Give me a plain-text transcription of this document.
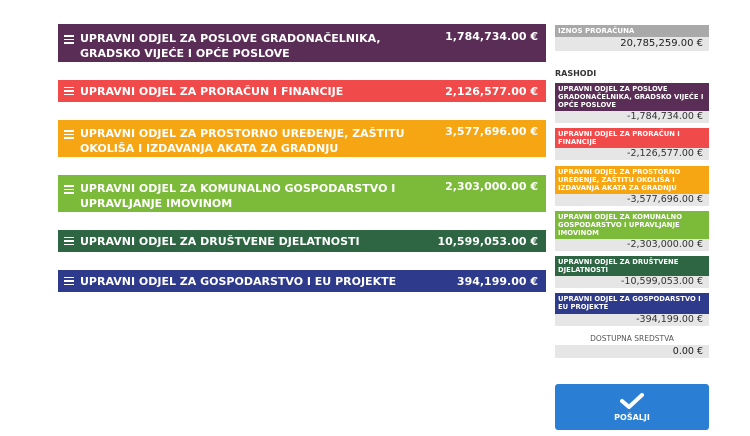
UPRAVNI ODJEL ZA POSLOVE GRADONAČELNIKA, GRADSKO VIJEĆE I OPĆE POSLOVE
1,784,734.00 €
UPRAVNI ODJEL ZA PRORAČUN I FINANCIJE	2,126,577.00 €
UPRAVNI ODJEL ZA PROSTORNO UREĐENJE, ZAŠTITU OKOLIŠA I IZDAVANJA AKATA ZA GRADNJU
3,577,696.00 €
UPRAVNI ODJEL ZA KOMUNALNO GOSPODARSTVO I UPRAVLJANJE IMOVINOM
2,303,000.00 €
UPRAVNI ODJEL ZA DRUŠTVENE DJELATNOSTI	10,599,053.00 €
UPRAVNI ODJEL ZA GOSPODARSTVO I EU PROJEKTE	394,199.00 €
IZNOS PRORAČUNA
20,785,259.00 €
RASHODI
UPRAVNI ODJEL ZA POSLOVE GRADONAČELNIKA, GRADSKO VIJEĆE I OPĆE POSLOVE
-1,784,734.00 €
UPRAVNI ODJEL ZA PRORAČUN I FINANCIJE
-2,126,577.00 €
UPRAVNI ODJEL ZA PROSTORNO UREĐENJE, ZAŠTITU OKOLIŠA I IZDAVANJA AKATA ZA GRADNJU
-3,577,696.00 €
UPRAVNI ODJEL ZA KOMUNALNO GOSPODARSTVO I UPRAVLJANJE IMOVINOM
-2,303,000.00 €
UPRAVNI ODJEL ZA DRUŠTVENE DJELATNOSTI
-10,599,053.00 €
UPRAVNI ODJEL ZA GOSPODARSTVO I EU PROJEKTE
-394,199.00 €
DOSTUPNA SREDSTVA
0.00 €
POŠALJI
